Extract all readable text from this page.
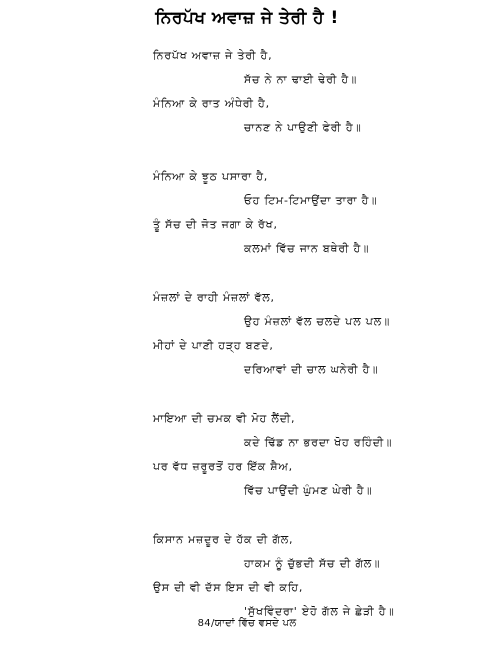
ਨਿਰਪੱਖ ਅਵਾਜ਼ ਜੇ ਤੇਰੀ ਹੈ !
ਨਿਰਪੱਖ ਅਵਾਜ਼ ਜੇ ਤੇਰੀ ਹੈ,
ਸੱਚ ਨੇ ਨਾ ਢਾਈ ਢੇਰੀ ਹੈ॥
ਮੰਨਿਆ ਕੇ ਰਾਤ ਅੰਧੇਰੀ ਹੈ,
ਚਾਨਣ ਨੇ ਪਾਉਣੀ ਫੇਰੀ ਹੈ॥
ਮੰਨਿਆ ਕੇ ਝੂਠ ਪਸਾਰਾ ਹੈ,
ਓਹ ਟਿਮ-ਟਿਮਾਉਂਦਾ ਤਾਰਾ ਹੈ॥
ਤੂੰ ਸੱਚ ਦੀ ਜੋਤ ਜਗਾ ਕੇ ਰੱਖ,
ਕਲਮਾਂ ਵਿੱਚ ਜਾਨ ਬਥੇਰੀ ਹੈ॥
ਮੰਜ਼ਲਾਂ ਦੇ ਰਾਹੀ ਮੰਜ਼ਲਾਂ ਵੱਲ,
ਉਹ ਮੰਜ਼ਲਾਂ ਵੱਲ ਚਲਦੇ ਪਲ ਪਲ॥
ਮੀਹਾਂ ਦੇ ਪਾਣੀ ਹੜ੍ਹ ਬਣਦੇ,
ਦਰਿਆਵਾਂ ਦੀ ਚਾਲ ਘਨੇਰੀ ਹੈ॥
ਮਾਇਆ ਦੀ ਚਮਕ ਵੀ ਮੋਹ ਲੈਂਦੀ,
ਕਦੇ ਢਿੱਡ ਨਾ ਭਰਦਾ ਖੋਹ ਰਹਿੰਦੀ॥
ਪਰ ਵੱਧ ਜ਼ਰੂਰਤੋਂ ਹਰ ਇੱਕ ਸ਼ੈਅ,
ਵਿੱਚ ਪਾਉਂਦੀ ਘੁੰਮਣ ਘੇਰੀ ਹੈ॥
ਕਿਸਾਨ ਮਜ਼ਦੂਰ ਦੇ ਹੱਕ ਦੀ ਗੱਲ,
ਹਾਕਮ ਨੂੰ ਚੁੱਭਦੀ ਸੱਚ ਦੀ ਗੱਲ॥
ਉਸ ਦੀ ਵੀ ਦੱਸ ਇਸ ਦੀ ਵੀ ਕਹਿ,
'ਸੁੱਖਵਿੰਦਰਾ' ਏਹੋ ਗੱਲ ਜੇ ਛੇੜੀ ਹੈ॥
84/ਯਾਦਾਂ ਵਿੱਚ ਵਸਦੇ ਪਲ
